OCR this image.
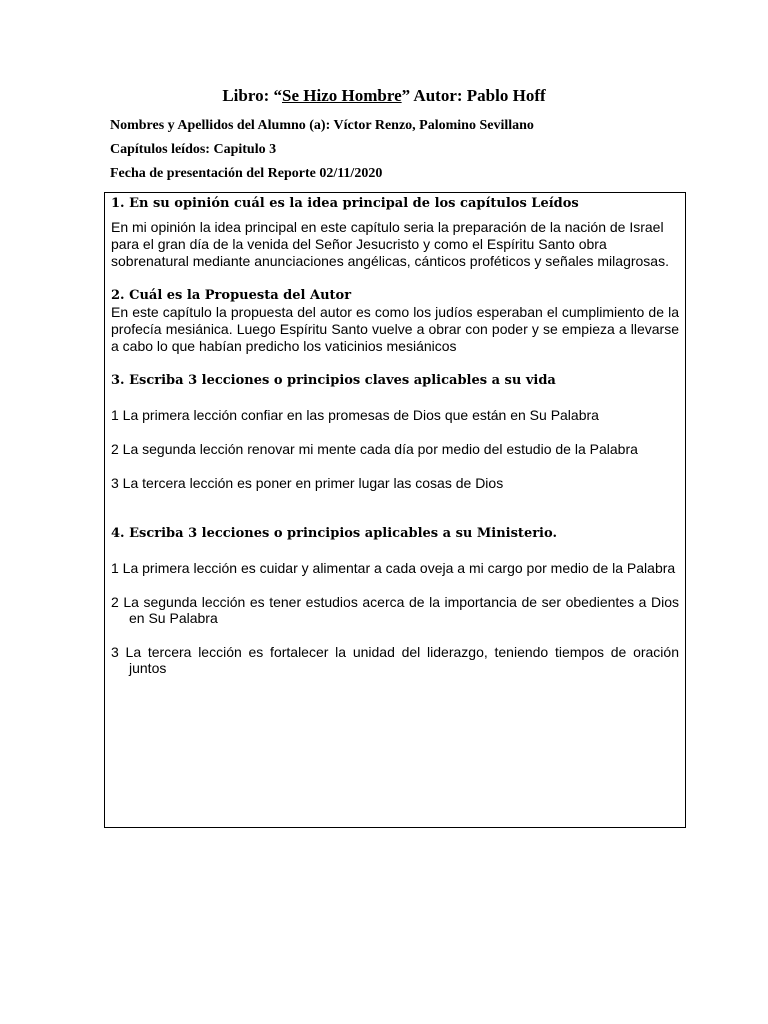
Libro: “Se Hizo Hombre” Autor: Pablo Hoff
Nombres y Apellidos del Alumno (a): Víctor Renzo, Palomino Sevillano
Capítulos leídos: Capitulo 3
Fecha de presentación del Reporte 02/11/2020

1. En su opinión cuál es la idea principal de los capítulos Leídos

En mi opinión la idea principal en este capítulo seria la preparación de la nación de Israel para el gran día de la venida del Señor Jesucristo y como el Espíritu Santo obra sobrenatural mediante anunciaciones angélicas, cánticos proféticos y señales milagrosas.

2. Cuál es la Propuesta del Autor

En este capítulo la propuesta del autor es como los judíos esperaban el cumplimiento de la profecía mesiánica. Luego Espíritu Santo vuelve a obrar con poder y se empieza a llevarse a cabo lo que habían predicho los vaticinios mesiánicos

3. Escriba 3 lecciones o principios claves aplicables a su vida

1 La primera lección confiar en las promesas de Dios que están en Su Palabra

2 La segunda lección renovar mi mente cada día por medio del estudio de la Palabra

3 La tercera lección es poner en primer lugar las cosas de Dios

4. Escriba 3 lecciones o principios aplicables a su Ministerio.

1 La primera lección es cuidar y alimentar a cada oveja a mi cargo por medio de la Palabra

2 La segunda lección es tener estudios acerca de la importancia de ser obedientes a Dios en Su Palabra

3 La tercera lección es fortalecer la unidad del liderazgo, teniendo tiempos de oración juntos
